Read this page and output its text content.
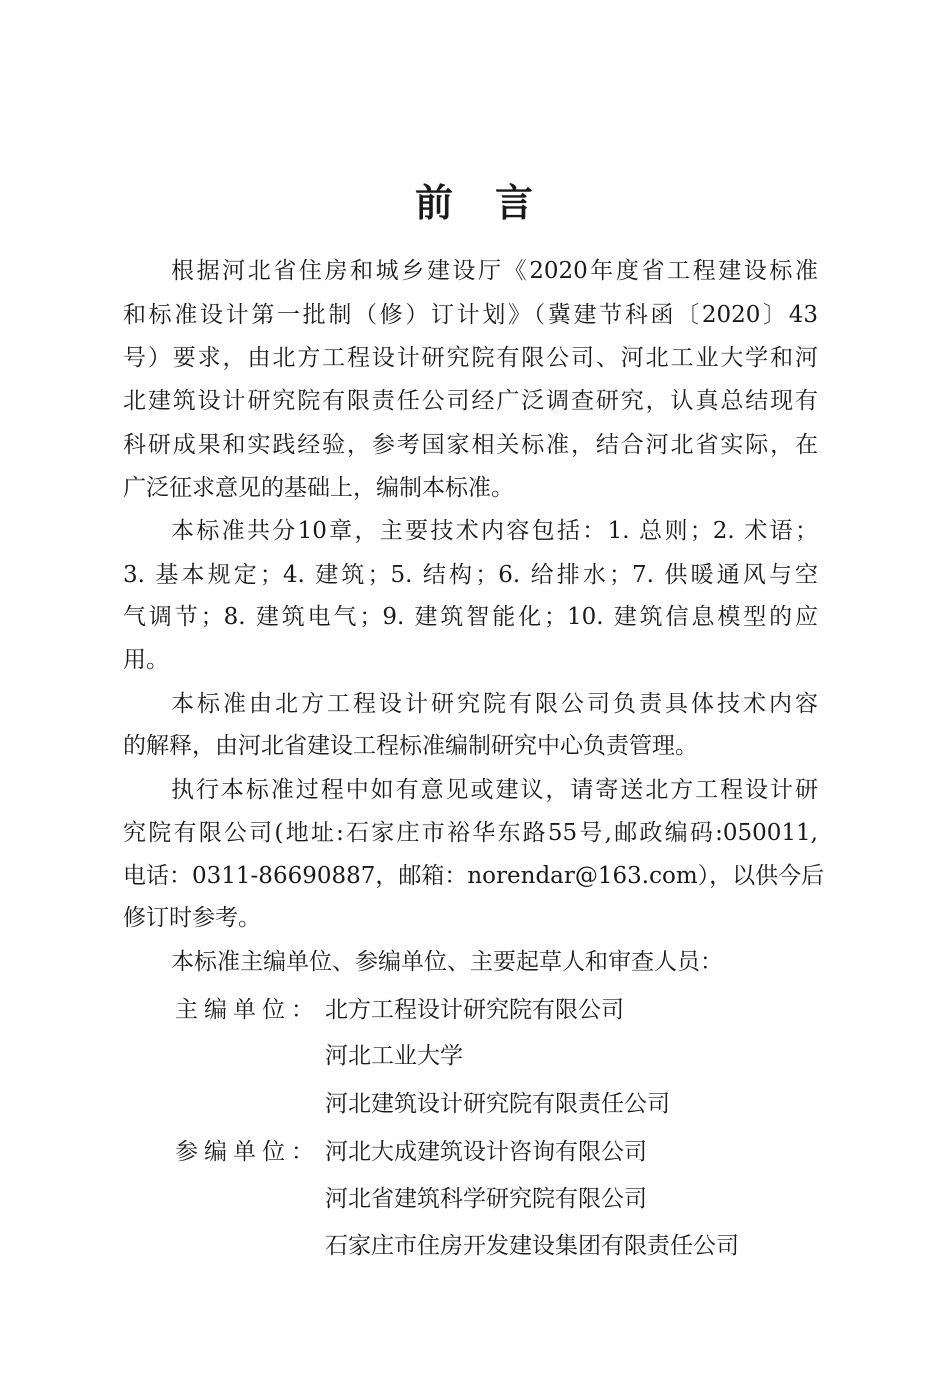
前　言
根据河北省住房和城乡建设厅《2020年度省工程建设标准
和标准设计第一批制（修）订计划》（冀建节科函〔2020〕43
号）要求，由北方工程设计研究院有限公司、河北工业大学和河
北建筑设计研究院有限责任公司经广泛调查研究，认真总结现有
科研成果和实践经验，参考国家相关标准，结合河北省实际，在
广泛征求意见的基础上，编制本标准。
本标准共分10章，主要技术内容包括：1. 总则；2. 术语；
3. 基本规定；4. 建筑；5. 结构；6. 给排水；7. 供暖通风与空
气调节；8. 建筑电气；9. 建筑智能化；10. 建筑信息模型的应
用。
本标准由北方工程设计研究院有限公司负责具体技术内容
的解释，由河北省建设工程标准编制研究中心负责管理。
执行本标准过程中如有意见或建议，请寄送北方工程设计研
究院有限公司(地址:石家庄市裕华东路55号,邮政编码:050011,
电话：0311-86690887，邮箱：norendar@163.com），以供今后
修订时参考。
本标准主编单位、参编单位、主要起草人和审查人员：
主编单位： 北方工程设计研究院有限公司
河北工业大学
河北建筑设计研究院有限责任公司
参编单位： 河北大成建筑设计咨询有限公司
河北省建筑科学研究院有限公司
石家庄市住房开发建设集团有限责任公司
